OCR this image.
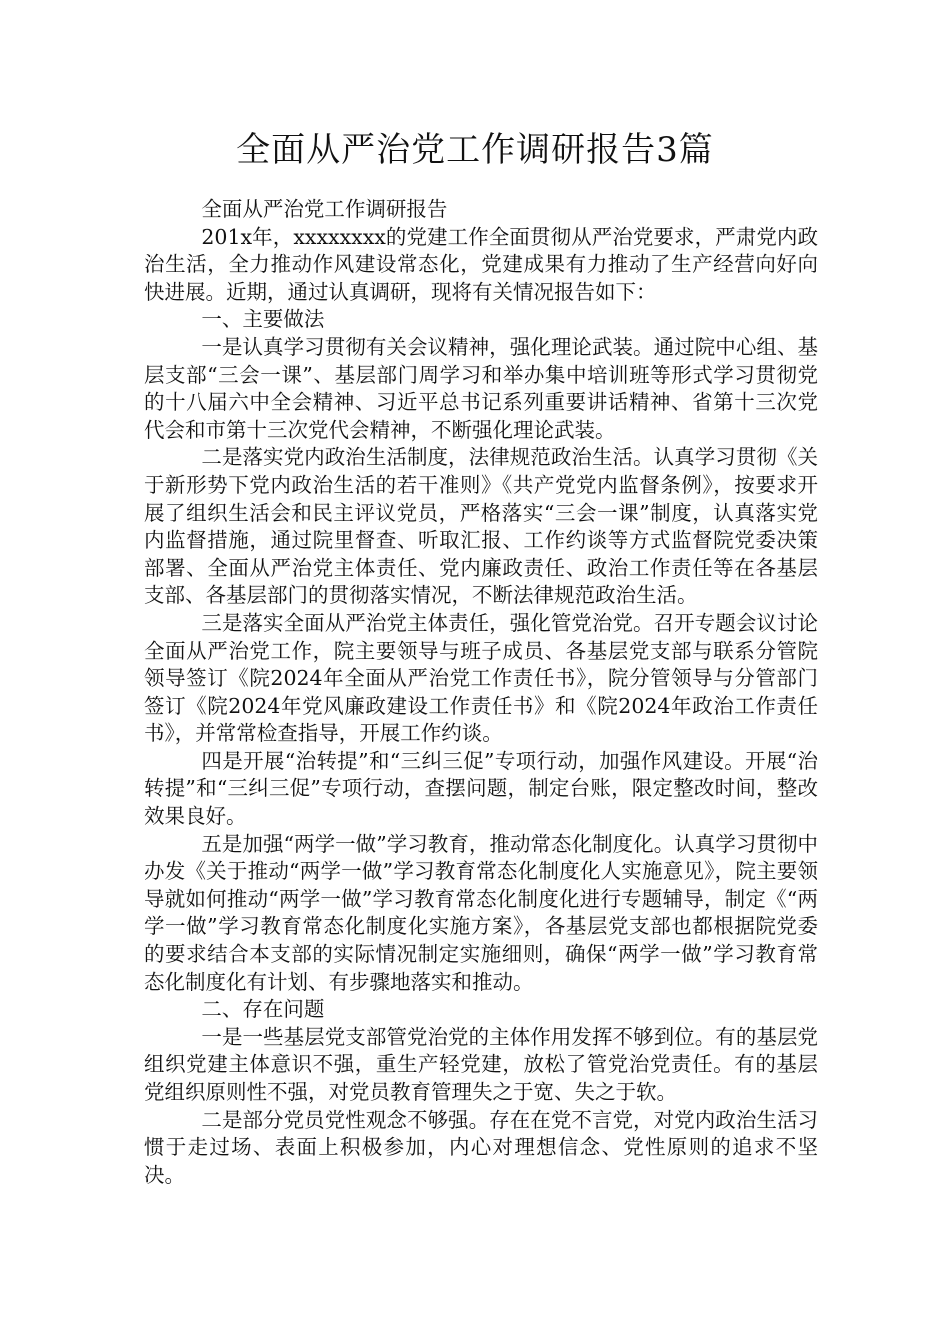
全面从严治党工作调研报告3篇

全面从严治党工作调研报告

201x年，xxxxxxxx的党建工作全面贯彻从严治党要求，严肃党内政治生活，全力推动作风建设常态化，党建成果有力推动了生产经营向好向快进展。近期，通过认真调研，现将有关情况报告如下：

一、主要做法

一是认真学习贯彻有关会议精神，强化理论武装。通过院中心组、基层支部“三会一课”、基层部门周学习和举办集中培训班等形式学习贯彻党的十八届六中全会精神、习近平总书记系列重要讲话精神、省第十三次党代会和市第十三次党代会精神，不断强化理论武装。

二是落实党内政治生活制度，法律规范政治生活。认真学习贯彻《关于新形势下党内政治生活的若干准则》《共产党党内监督条例》，按要求开展了组织生活会和民主评议党员，严格落实“三会一课”制度，认真落实党内监督措施，通过院里督查、听取汇报、工作约谈等方式监督院党委决策部署、全面从严治党主体责任、党内廉政责任、政治工作责任等在各基层支部、各基层部门的贯彻落实情况，不断法律规范政治生活。

三是落实全面从严治党主体责任，强化管党治党。召开专题会议讨论全面从严治党工作，院主要领导与班子成员、各基层党支部与联系分管院领导签订《院2024年全面从严治党工作责任书》，院分管领导与分管部门签订《院2024年党风廉政建设工作责任书》和《院2024年政治工作责任书》，并常常检查指导，开展工作约谈。

四是开展“治转提”和“三纠三促”专项行动，加强作风建设。开展“治转提”和“三纠三促”专项行动，查摆问题，制定台账，限定整改时间，整改效果良好。

五是加强“两学一做”学习教育，推动常态化制度化。认真学习贯彻中办发《关于推动“两学一做”学习教育常态化制度化人实施意见》，院主要领导就如何推动“两学一做”学习教育常态化制度化进行专题辅导，制定《“两学一做”学习教育常态化制度化实施方案》，各基层党支部也都根据院党委的要求结合本支部的实际情况制定实施细则，确保“两学一做”学习教育常态化制度化有计划、有步骤地落实和推动。

二、存在问题

一是一些基层党支部管党治党的主体作用发挥不够到位。有的基层党组织党建主体意识不强，重生产轻党建，放松了管党治党责任。有的基层党组织原则性不强，对党员教育管理失之于宽、失之于软。

二是部分党员党性观念不够强。存在在党不言党，对党内政治生活习惯于走过场、表面上积极参加，内心对理想信念、党性原则的追求不坚决。
